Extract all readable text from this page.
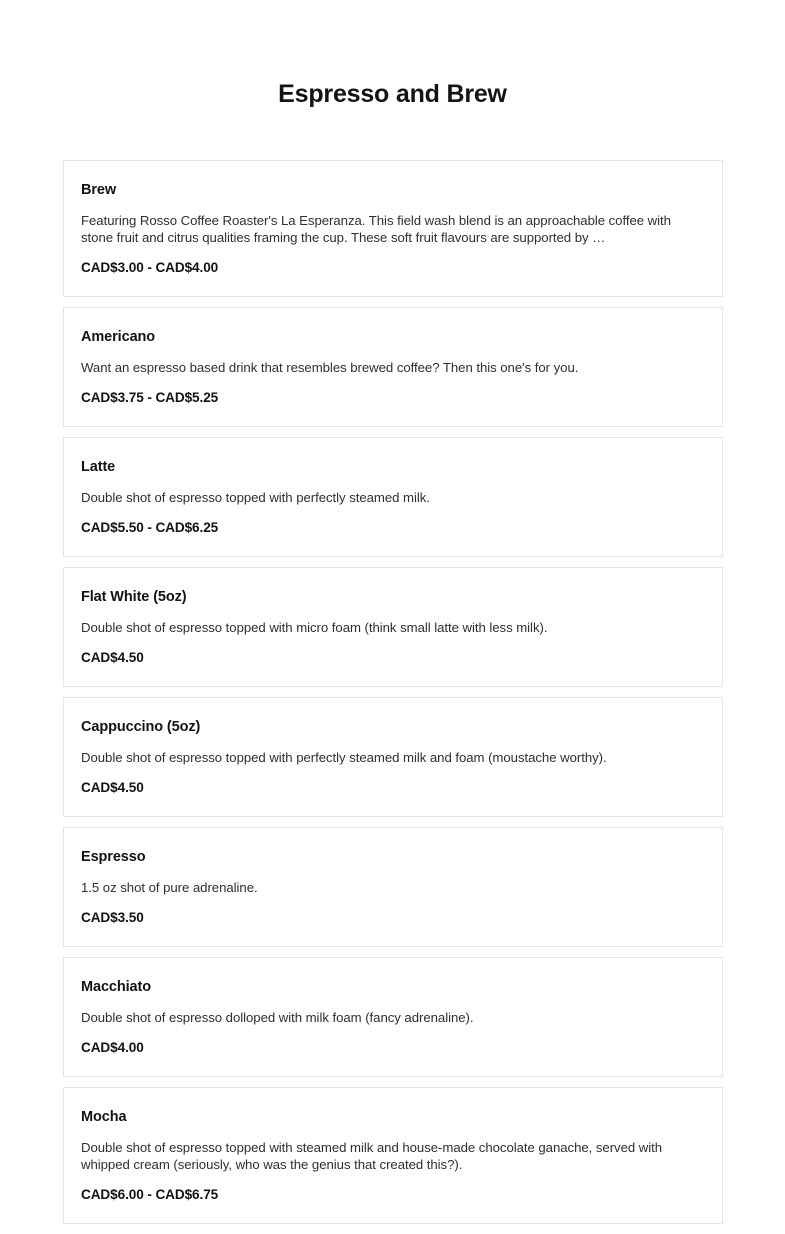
Espresso and Brew

Brew

Featuring Rosso Coffee Roaster's La Esperanza. This field wash blend is an approachable coffee with stone fruit and citrus qualities framing the cup. These soft fruit flavours are supported by …

CAD$3.00 - CAD$4.00

Americano

Want an espresso based drink that resembles brewed coffee? Then this one's for you.

CAD$3.75 - CAD$5.25

Latte

Double shot of espresso topped with perfectly steamed milk.

CAD$5.50 - CAD$6.25

Flat White (5oz)

Double shot of espresso topped with micro foam (think small latte with less milk).

CAD$4.50

Cappuccino (5oz)

Double shot of espresso topped with perfectly steamed milk and foam (moustache worthy).

CAD$4.50

Espresso

1.5 oz shot of pure adrenaline.

CAD$3.50

Macchiato

Double shot of espresso dolloped with milk foam (fancy adrenaline).

CAD$4.00

Mocha

Double shot of espresso topped with steamed milk and house-made chocolate ganache, served with whipped cream (seriously, who was the genius that created this?).

CAD$6.00 - CAD$6.75
